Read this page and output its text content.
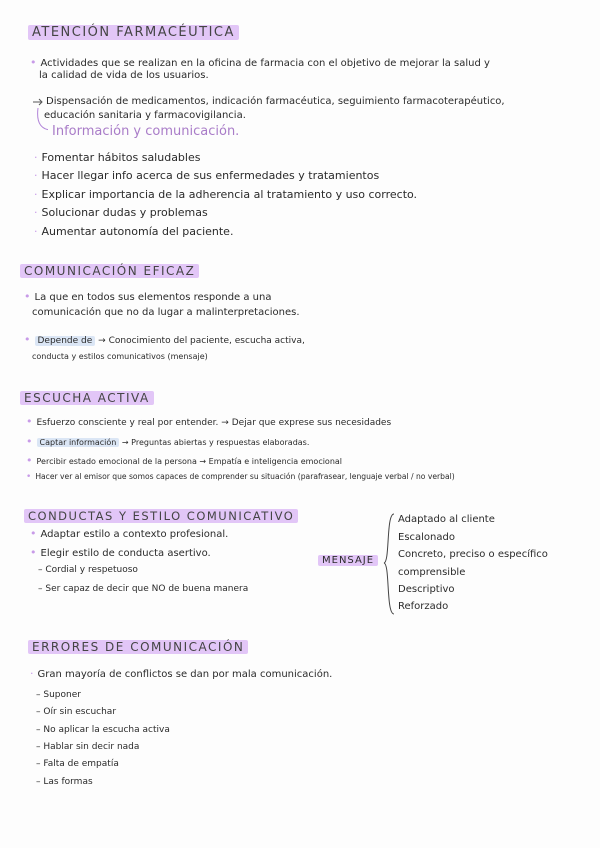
ATENCIÓN FARMACÉUTICA
• Actividades que se realizan en la oficina de farmacia con el objetivo de mejorar la salud y
la calidad de vida de los usuarios.
Dispensación de medicamentos, indicación farmacéutica, seguimiento farmacoterapéutico,
educación sanitaria y farmacovigilancia.
Información y comunicación.
· Fomentar hábitos saludables
· Hacer llegar info acerca de sus enfermedades y tratamientos
· Explicar importancia de la adherencia al tratamiento y uso correcto.
· Solucionar dudas y problemas
· Aumentar autonomía del paciente.
COMUNICACIÓN EFICAZ
• La que en todos sus elementos responde a una
comunicación que no da lugar a malinterpretaciones.
• Depende de → Conocimiento del paciente, escucha activa,
conducta y estilos comunicativos (mensaje)
ESCUCHA ACTIVA
• Esfuerzo consciente y real por entender. → Dejar que exprese sus necesidades
• Captar información → Preguntas abiertas y respuestas elaboradas.
• Percibir estado emocional de la persona → Empatía e inteligencia emocional
• Hacer ver al emisor que somos capaces de comprender su situación (parafrasear, lenguaje verbal / no verbal)
CONDUCTAS Y ESTILO COMUNICATIVO
• Adaptar estilo a contexto profesional.
• Elegir estilo de conducta asertivo.
– Cordial y respetuoso
– Ser capaz de decir que NO de buena manera
MENSAJE
Adaptado al cliente
Escalonado
Concreto, preciso o específico
comprensible
Descriptivo
Reforzado
ERRORES DE COMUNICACIÓN
· Gran mayoría de conflictos se dan por mala comunicación.
– Suponer
– Oír sin escuchar
– No aplicar la escucha activa
– Hablar sin decir nada
– Falta de empatía
– Las formas
